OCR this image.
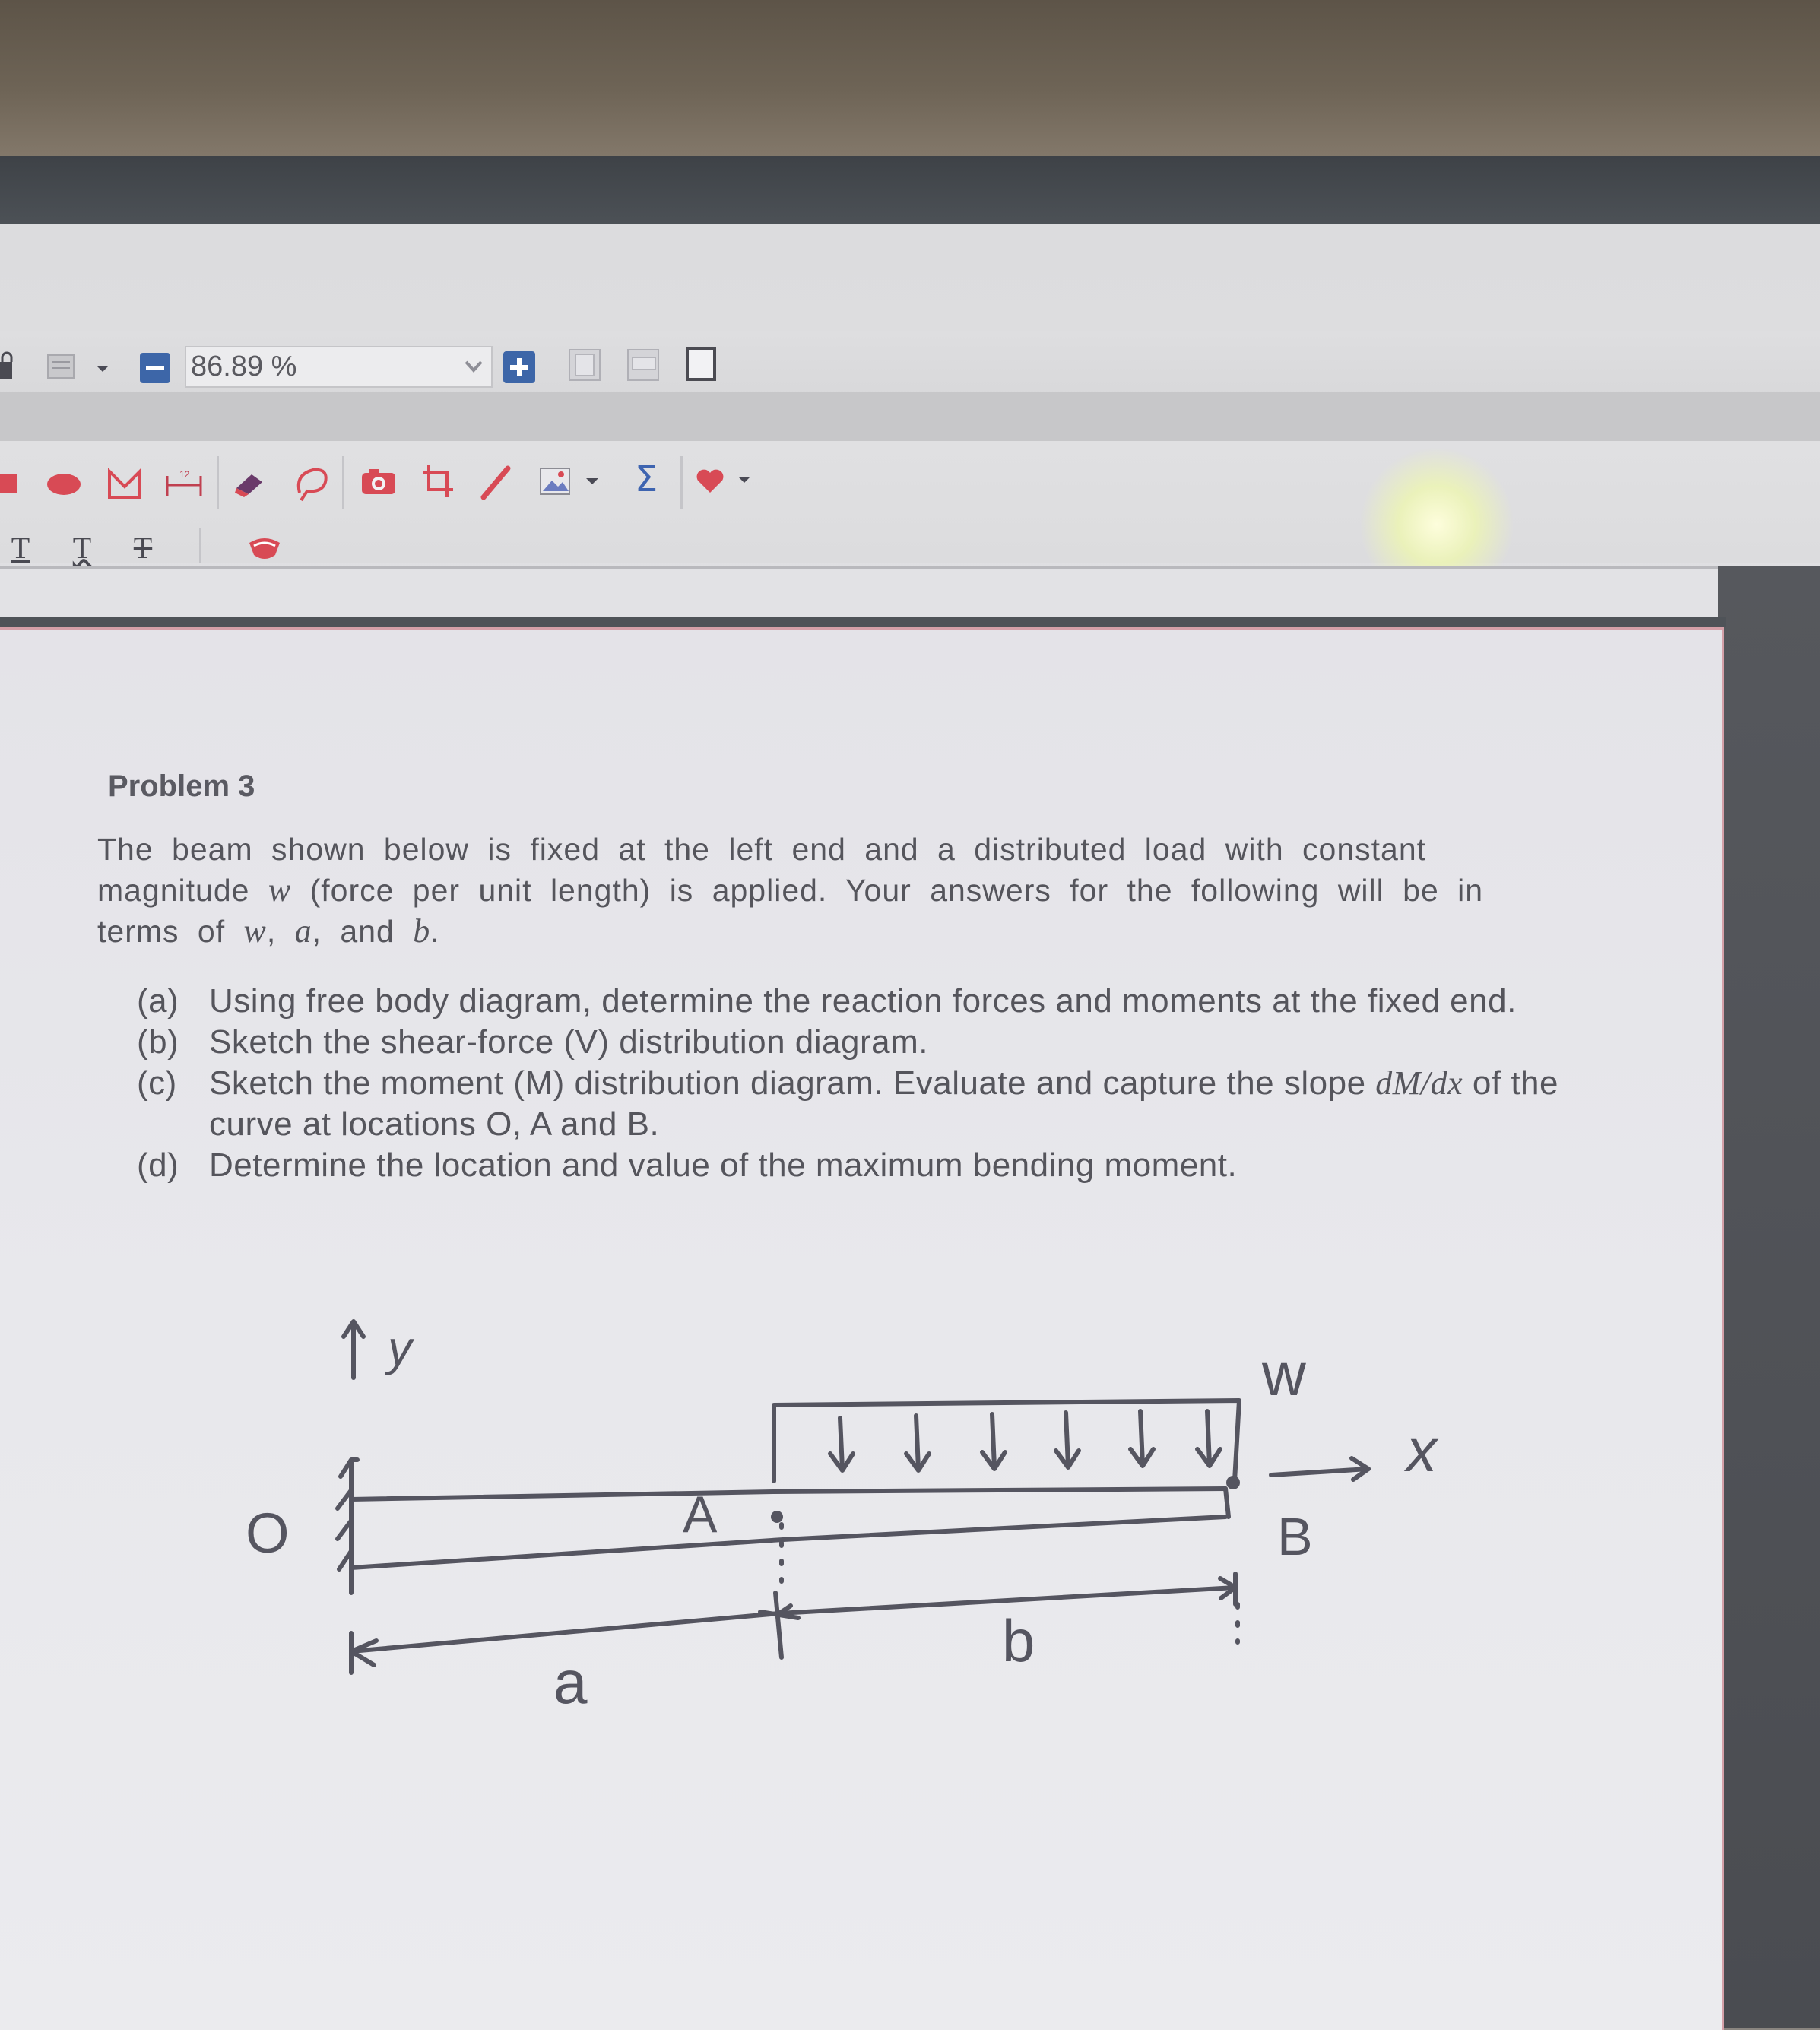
86.89 %
12	Σ
T T T
Problem 3
The beam shown below is fixed at the left end and a distributed load with constant magnitude w (force per unit length) is applied. Your answers for the following will be in terms of w, a, and b.
(a) Using free body diagram, determine the reaction forces and moments at the fixed end.
(b) Sketch the shear-force (V) distribution diagram.
(c) Sketch the moment (M) distribution diagram. Evaluate and capture the slope dM/dx of the curve at locations O, A and B.
(d) Determine the location and value of the maximum bending moment.
y
O	A	B
w
x
a
b
